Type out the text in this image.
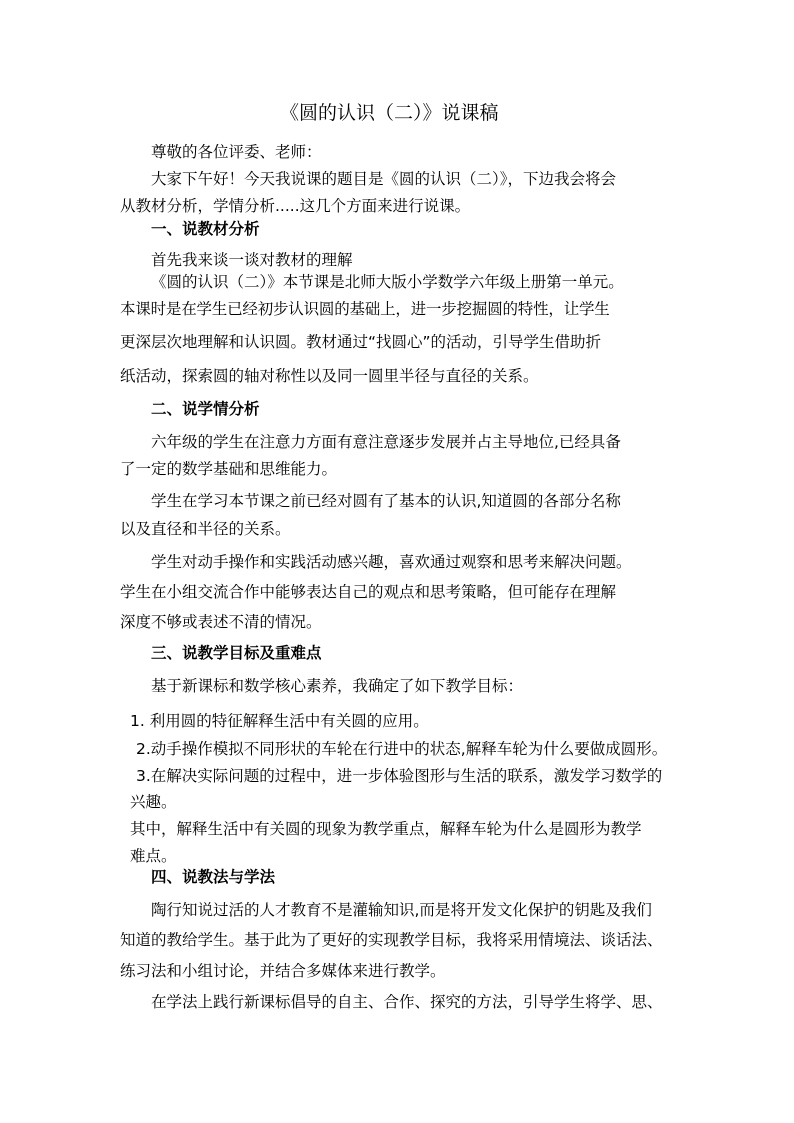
《圆的认识（二）》说课稿
尊敬的各位评委、老师：
大家下午好！今天我说课的题目是《圆的认识（二）》，下边我会将会
从教材分析，学情分析.....这几个方面来进行说课。
一、说教材分析
首先我来谈一谈对教材的理解
《圆的认识（二）》本节课是北师大版小学数学六年级上册第一单元。
本课时是在学生已经初步认识圆的基础上，进一步挖掘圆的特性，让学生
更深层次地理解和认识圆。教材通过“找圆心”的活动，引导学生借助折
纸活动，探索圆的轴对称性以及同一圆里半径与直径的关系。
二、说学情分析
六年级的学生在注意力方面有意注意逐步发展并占主导地位,已经具备
了一定的数学基础和思维能力。
学生在学习本节课之前已经对圆有了基本的认识,知道圆的各部分名称
以及直径和半径的关系。
学生对动手操作和实践活动感兴趣，喜欢通过观察和思考来解决问题。
学生在小组交流合作中能够表达自己的观点和思考策略，但可能存在理解
深度不够或表述不清的情况。
三、说教学目标及重难点
基于新课标和数学核心素养，我确定了如下教学目标：
1. 利用圆的特征解释生活中有关圆的应用。
2.动手操作模拟不同形状的车轮在行进中的状态,解释车轮为什么要做成圆形。
3.在解决实际问题的过程中，进一步体验图形与生活的联系，激发学习数学的
兴趣。
其中，解释生活中有关圆的现象为教学重点，解释车轮为什么是圆形为教学
难点。
四、说教法与学法
陶行知说过活的人才教育不是灌输知识,而是将开发文化保护的钥匙及我们
知道的教给学生。基于此为了更好的实现教学目标，我将采用情境法、谈话法、
练习法和小组讨论，并结合多媒体来进行教学。
在学法上践行新课标倡导的自主、合作、探究的方法，引导学生将学、思、
